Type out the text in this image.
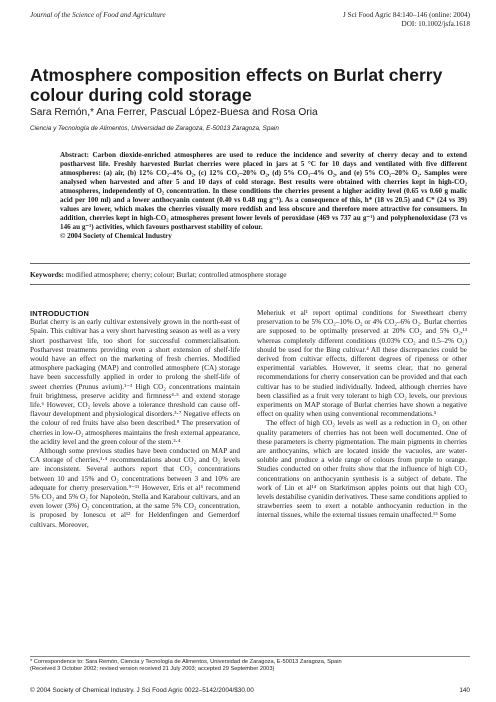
Journal of the Science of Food and Agriculture	J Sci Food Agric 84:140–146 (online: 2004)
DOI: 10.1002/jsfa.1618
Atmosphere composition effects on Burlat cherry colour during cold storage
Sara Remón,* Ana Ferrer, Pascual López-Buesa and Rosa Oria
Ciencia y Tecnología de Alimentos, Universidad de Zaragoza, E-50013 Zaragoza, Spain

Abstract: Carbon dioxide-enriched atmospheres are used to reduce the incidence and severity of cherry decay and to extend postharvest life. Freshly harvested Burlat cherries were placed in jars at 5 °C for 10 days and ventilated with five different atmospheres: (a) air, (b) 12% CO₂–4% O₂, (c) 12% CO₂–20% O₂, (d) 5% CO₂–4% O₂, and (e) 5% CO₂–20% O₂. Samples were analysed when harvested and after 5 and 10 days of cold storage. Best results were obtained with cherries kept in high-CO₂ atmospheres, independently of O₂ concentration. In these conditions the cherries present a higher acidity level (0.65 vs 0.60 g malic acid per 100 ml) and a lower anthocyanin content (0.40 vs 0.48 mg g⁻¹). As a consequence of this, h* (18 vs 20.5) and C* (24 vs 39) values are lower, which makes the cherries visually more reddish and less obscure and therefore more attractive for consumers. In addition, cherries kept in high-CO₂ atmospheres present lower levels of peroxidase (469 vs 737 au g⁻¹) and polyphenoloxidase (73 vs 146 au g⁻¹) activities, which favours postharvest stability of colour.

© 2004 Society of Chemical Industry

Keywords: modified atmosphere; cherry; colour; Burlat; controlled atmosphere storage

INTRODUCTION

Burlat cherry is an early cultivar extensively grown in the north-east of Spain. This cultivar has a very short harvesting season as well as a very short postharvest life, too short for successful commercialisation. Postharvest treatments providing even a short extension of shelf-life would have an effect on the marketing of fresh cherries. Modified atmosphere packaging (MAP) and controlled atmosphere (CA) storage have been successfully applied in order to prolong the shelf-life of sweet cherries (Prunus avium).¹⁻³ High CO₂ concentrations maintain fruit brightness, preserve acidity and firmness⁴·⁵ and extend storage life.⁶ However, CO₂ levels above a tolerance threshold can cause off-flavour development and physiological disorders.³·⁷ Negative effects on the colour of red fruits have also been described.⁸ The preservation of cherries in low-O₂ atmospheres maintains the fresh external appearance, the acidity level and the green colour of the stem.³·⁴

Although some previous studies have been conducted on MAP and CA storage of cherries,¹·⁴ recommendations about CO₂ and O₂ levels are inconsistent. Several authors report that CO₂ concentrations between 10 and 15% and O₂ concentrations between 3 and 10% are adequate for cherry preservation.⁹⁻¹¹ However, Eris et al⁵ recommend 5% CO₂ and 5% O₂ for Napoleón, Stella and Karabour cultivars, and an even lower (3%) O₂ concentration, at the same 5% CO₂ concentration, is proposed by Ionescu et al¹² for Heldenfingen and Gemerdorf cultivars. Moreover,

Meheriuk et al¹ report optimal conditions for Sweetheart cherry preservation to be 5% CO₂–10% O₂ or 4% CO₂–6% O₂. Burlat cherries are supposed to be optimally preserved at 20% CO₂ and 5% O₂,¹³ whereas completely different conditions (0.03% CO₂ and 0.5–2% O₂) should be used for the Bing cultivar.⁴ All these discrepancies could be derived from cultivar effects, different degrees of ripeness or other experimental variables. However, it seems clear, that no general recommendations for cherry conservation can be provided and that each cultivar has to be studied individually. Indeed, although cherries have been classified as a fruit very tolerant to high CO₂ levels, our previous experiments on MAP storage of Burlat cherries have shown a negative effect on quality when using conventional recommendations.⁵

The effect of high CO₂ levels as well as a reduction in O₂ on other quality parameters of cherries has not been well documented. One of these parameters is cherry pigmentation. The main pigments in cherries are anthocyanins, which are located inside the vacuoles, are water-soluble and produce a wide range of colours from purple to orange. Studies conducted on other fruits show that the influence of high CO₂ concentrations on anthocyanin synthesis is a subject of debate. The work of Lin et al¹⁴ on Starkrimson apples points out that high CO₂ levels destabilise cyanidin derivatives. These same conditions applied to strawberries seem to exert a notable anthocyanin reduction in the internal tissues, while the external tissues remain unaffected.¹⁵ Some

* Correspondence to: Sara Remón, Ciencia y Tecnología de Alimentos, Universidad de Zaragoza, E-50013 Zaragoza, Spain

(Received 3 October 2002; revised version received 21 July 2003; accepted 29 September 2003)

© 2004 Society of Chemical Industry. J Sci Food Agric 0022–5142/2004/$30.00	140
